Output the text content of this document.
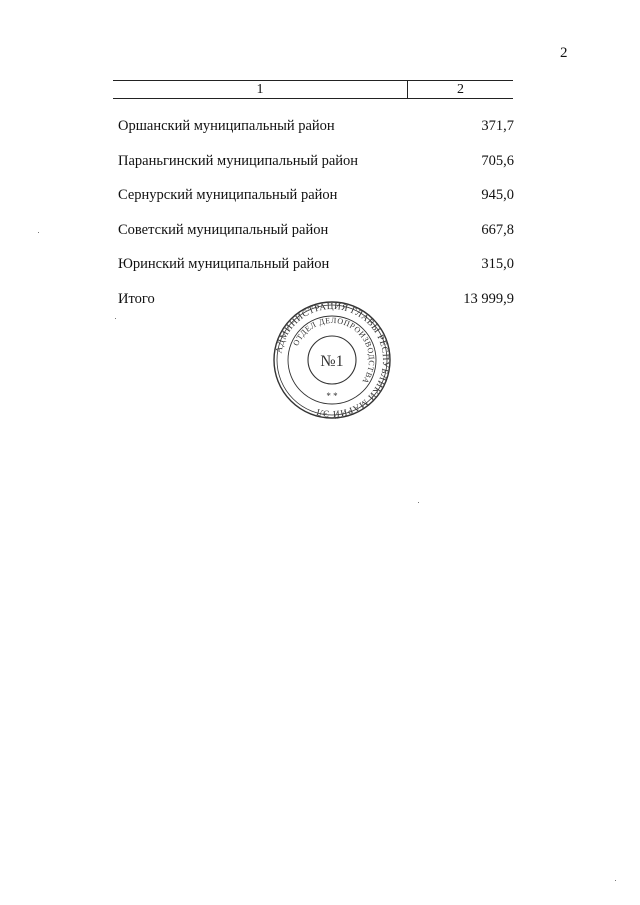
2
1	2
Оршанский муниципальный район	371,7
Параньгинский муниципальный район	705,6
Сернурский муниципальный район	945,0
Советский муниципальный район	667,8
Юринский муниципальный район	315,0
Итого	13 999,9
АДМИНИСТРАЦИЯ ГЛАВЫ РЕСПУБЛИКИ МАРИЙ ЭЛ
ОТДЕЛ ДЕЛОПРОИЗВОДСТВА
№1
* *
